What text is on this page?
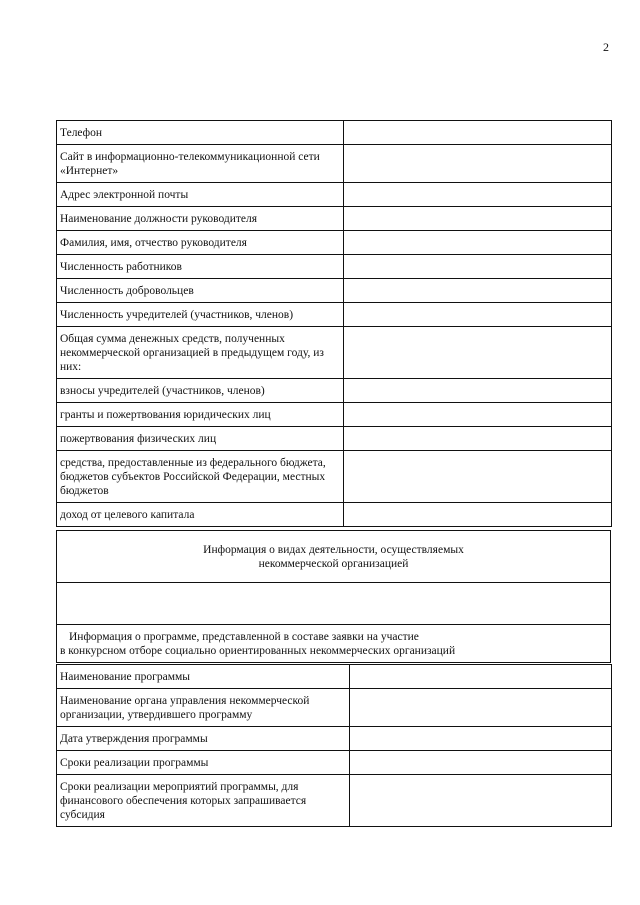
2
Телефон	
Сайт в информационно-телекоммуникационной сети «Интернет»	
Адрес электронной почты	
Наименование должности руководителя	
Фамилия, имя, отчество руководителя	
Численность работников	
Численность добровольцев	
Численность учредителей (участников, членов)	
Общая сумма денежных средств, полученных некоммерческой организацией в предыдущем году, из них:	
взносы учредителей (участников, членов)	
гранты и пожертвования юридических лиц	
пожертвования физических лиц	
средства, предоставленные из федерального бюджета, бюджетов субъектов Российской Федерации, местных бюджетов	
доход от целевого капитала	
Информация о видах деятельности, осуществляемых
некоммерческой организацией

Информация о программе, представленной в составе заявки на участие
в конкурсном отборе социально ориентированных некоммерческих организаций
Наименование программы	
Наименование органа управления некоммерческой организации, утвердившего программу	
Дата утверждения программы	
Сроки реализации программы	
Сроки реализации мероприятий программы, для финансового обеспечения которых запрашивается субсидия	
